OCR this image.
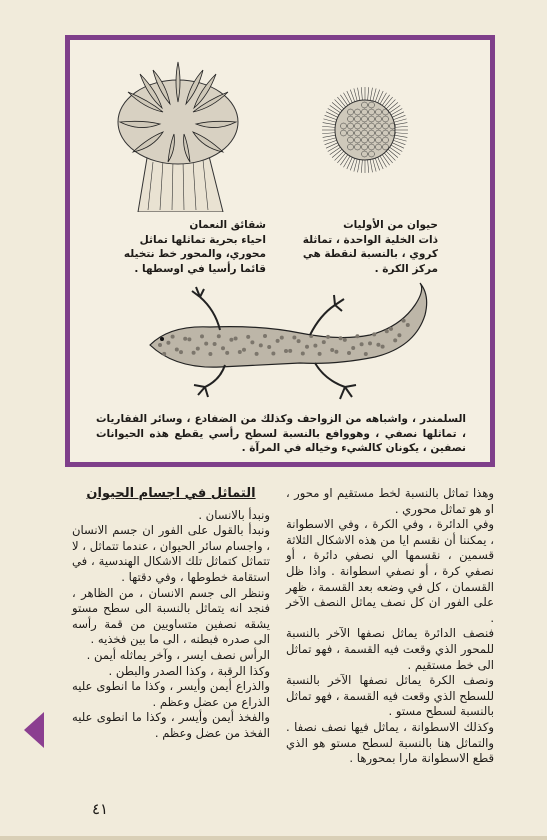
شقائق النعمان
احياء بحرية تماثلها تماثل محوري، والمحور خط نتخيله قائما رأسيا في اوسطها .
حيوان من الأوليات
ذات الخلية الواحدة ، تماثلة كروي ، بالنسبة لنقطة هي مركز الكرة .
السلمندر ، واشباهه من الزواحف وكذلك من الضفادع ، وسائر الفقاريات ، تماثلها نصفي ، وهووافع بالنسبة لسطح رأسي يقطع هذه الحيوانات نصفين ، يكونان كالشيء وخياله في المرآة .

وهذا تماثل بالنسبة لخط مستقيم او محور ، او هو تماثل محوري .

وفي الدائرة ، وفي الكرة ، وفي الاسطوانة ، يمكننا أن نقسم ايا من هذه الاشكال الثلاثة قسمين ، نقسمها الي نصفي دائرة ، أو نصفي كرة ، أو نصفي اسطوانة . واذا ظل القسمان ، كل في وضعه بعد القسمة ، ظهر على الفور ان كل نصف يماثل النصف الآخر .

فنصف الدائرة يماثل نصفها الآخر بالنسبة للمحور الذي وقعت فيه القسمة ، فهو تماثل الى خط مستقيم .

ونصف الكرة يماثل نصفها الآخر بالنسبة للسطح الذي وقعت فيه القسمة ، فهو تماثل بالنسبة لسطح مستو .

وكذلك الاسطوانة ، يماثل فيها نصف نصفا . والتماثل هنا بالنسبة لسطح مستو هو الذي قطع الاسطوانة مارا بمحورها .

التماثل في اجسام الحيوان

ونبدأ بالانسان .

ونبدأ بالقول على الفور ان جسم الانسان ، واجسام سائر الحيوان ، عندما تتماثل ، لا تتماثل كتماثل تلك الاشكال الهندسية ، في استقامة خطوطها ، وفي دقتها .

وننظر الى جسم الانسان ، من الظاهر ، فنجد انه يتماثل بالنسبة الى سطح مستو يشقه نصفين متساويين من قمة رأسه الى صدره فبطنه ، الى ما بين فخذيه .

الرأس نصف ايسر ، وآخر يماثله أيمن .

وكذا الرقبة ، وكذا الصدر والبطن .

والذراع أيمن وأيسر ، وكذا ما انطوى عليه الذراع من عضل وعظم .

والفخذ أيمن وأيسر ، وكذا ما انطوى عليه الفخذ من عضل وعظم .

٤١
